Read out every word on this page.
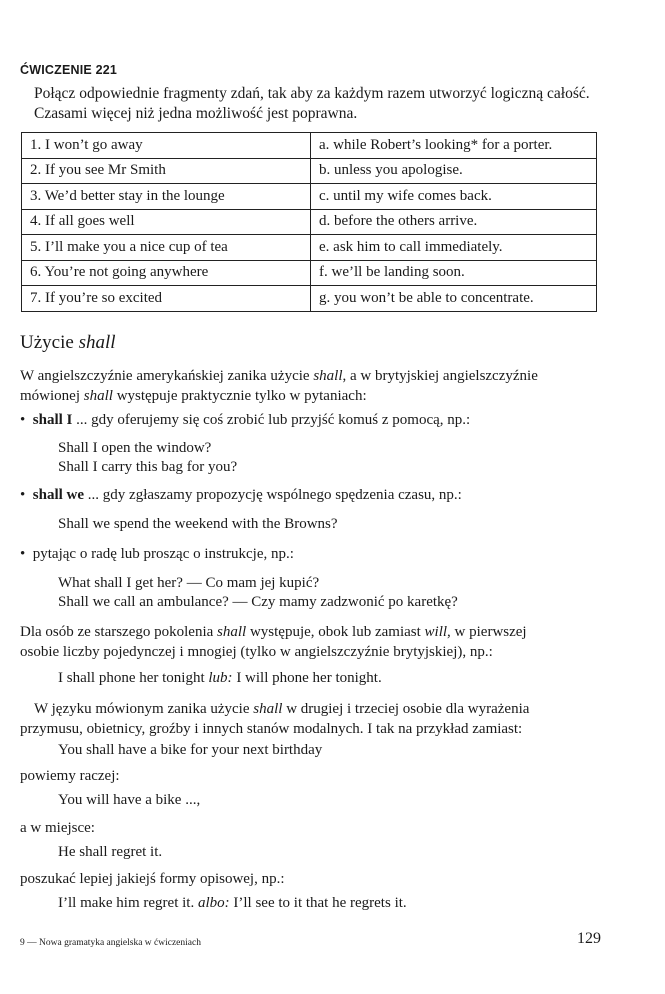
ĆWICZENIE 221
Połącz odpowiednie fragmenty zdań, tak aby za każdym razem utworzyć logiczną całość. Czasami więcej niż jedna możliwość jest poprawna.
1. I won’t go away	a. while Robert’s looking* for a porter.
2. If you see Mr Smith	b. unless you apologise.
3. We’d better stay in the lounge	c. until my wife comes back.
4. If all goes well	d. before the others arrive.
5. I’ll make you a nice cup of tea	e. ask him to call immediately.
6. You’re not going anywhere	f. we’ll be landing soon.
7. If you’re so excited	g. you won’t be able to concentrate.
Użycie shall
W angielszczyźnie amerykańskiej zanika użycie shall, a w brytyjskiej angielszczyźnie
mówionej shall występuje praktycznie tylko w pytaniach:
•  shall I ... gdy oferujemy się coś zrobić lub przyjść komuś z pomocą, np.:
Shall I open the window?
Shall I carry this bag for you?
•  shall we ... gdy zgłaszamy propozycję wspólnego spędzenia czasu, np.:
Shall we spend the weekend with the Browns?
•  pytając o radę lub prosząc o instrukcje, np.:
What shall I get her? — Co mam jej kupić?
Shall we call an ambulance? — Czy mamy zadzwonić po karetkę?
Dla osób ze starszego pokolenia shall występuje, obok lub zamiast will, w pierwszej
osobie liczby pojedynczej i mnogiej (tylko w angielszczyźnie brytyjskiej), np.:
I shall phone her tonight lub: I will phone her tonight.
W języku mówionym zanika użycie shall w drugiej i trzeciej osobie dla wyrażenia
przymusu, obietnicy, groźby i innych stanów modalnych. I tak na przykład zamiast:
You shall have a bike for your next birthday
powiemy raczej:
You will have a bike ...,
a w miejsce:
He shall regret it.
poszukać lepiej jakiejś formy opisowej, np.:
I’ll make him regret it. albo: I’ll see to it that he regrets it.
9 — Nowa gramatyka angielska w ćwiczeniach	129
